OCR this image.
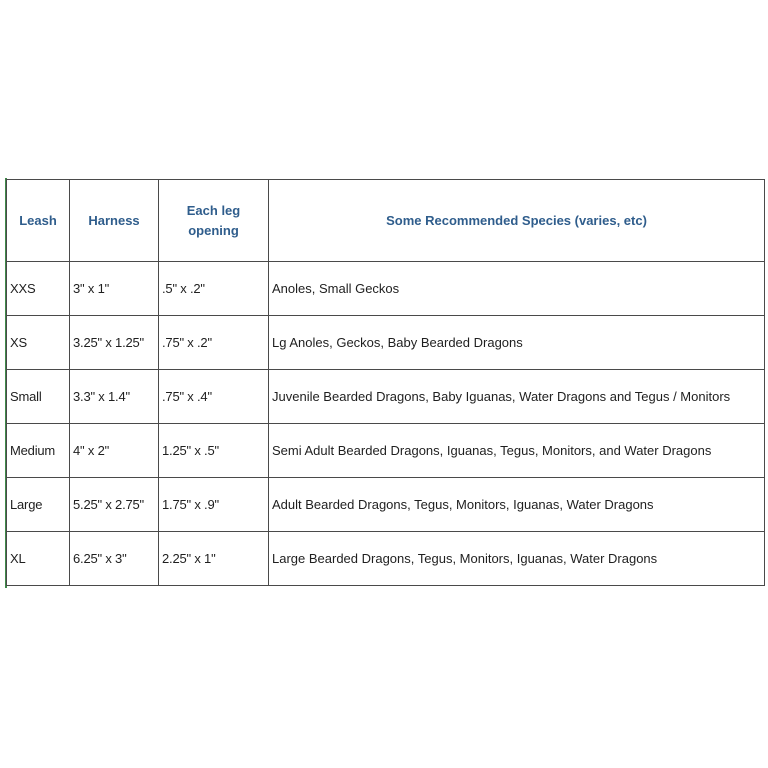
Leash	Harness	Each leg opening	Some Recommended Species (varies, etc)
XXS	3" x 1"	.5" x .2"	Anoles, Small Geckos
XS	3.25" x 1.25"	.75" x .2"	Lg Anoles, Geckos, Baby Bearded Dragons
Small	3.3" x 1.4"	.75" x .4"	Juvenile Bearded Dragons, Baby Iguanas, Water Dragons and Tegus / Monitors
Medium	4" x 2"	1.25" x .5"	Semi Adult Bearded Dragons, Iguanas, Tegus, Monitors, and Water Dragons
Large	5.25" x 2.75"	1.75" x .9"	Adult Bearded Dragons, Tegus, Monitors, Iguanas, Water Dragons
XL	6.25" x 3"	2.25" x 1"	Large Bearded Dragons, Tegus, Monitors, Iguanas, Water Dragons
